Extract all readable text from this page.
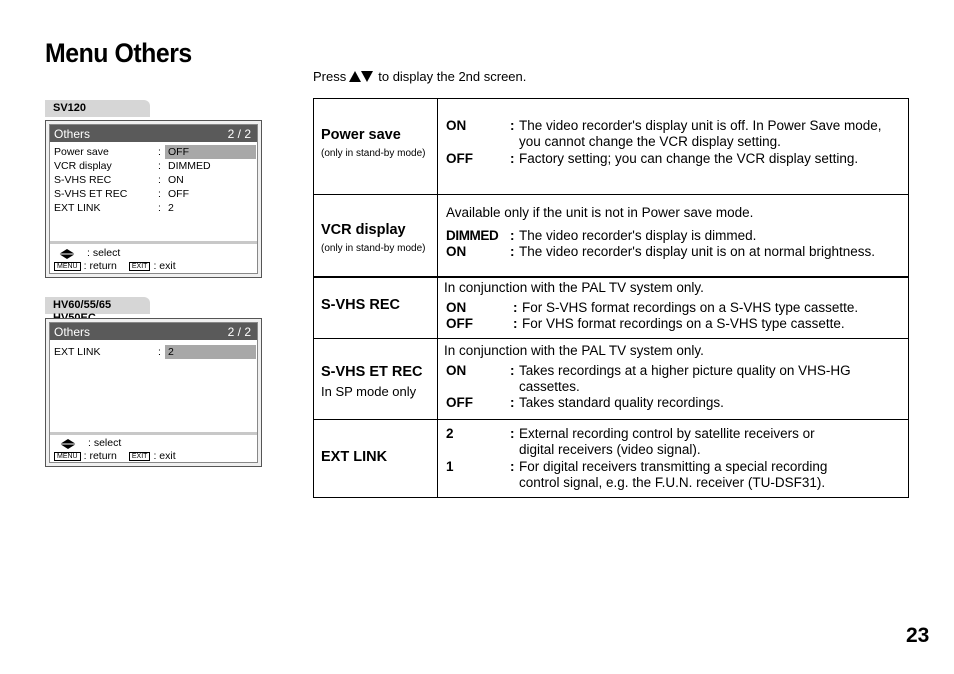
Menu Others
Press to display the 2nd screen.
SV120
Others	2 / 2
Power save	: OFF
VCR display	: DIMMED
S-VHS REC	: ON
S-VHS ET REC	: OFF
EXT LINK	: 2
: select
MENU : return	EXIT : exit
HV60/55/65
Others	2 / 2
EXT LINK	: 2
: select
MENU : return	EXIT : exit
Power save
(only in stand-by mode)
ON	: The video recorder's display unit is off. In Power Save mode,
you cannot change the VCR display setting.
OFF	: Factory setting; you can change the VCR display setting.
VCR display
(only in stand-by mode)
Available only if the unit is not in Power save mode.
DIMMED : The video recorder's display is dimmed.
ON	: The video recorder's display unit is on at normal brightness.
S-VHS REC
In conjunction with the PAL TV system only.
ON	: For S-VHS format recordings on a S-VHS type cassette.
OFF	: For VHS format recordings on a S-VHS type cassette.
S-VHS ET REC
In SP mode only
In conjunction with the PAL TV system only.
ON	: Takes recordings at a higher picture quality on VHS-HG
cassettes.
OFF	: Takes standard quality recordings.
EXT LINK
2	: External recording control by satellite receivers or
digital receivers (video signal).
1	: For digital receivers transmitting a special recording
control signal, e.g. the F.U.N. receiver (TU-DSF31).
23
